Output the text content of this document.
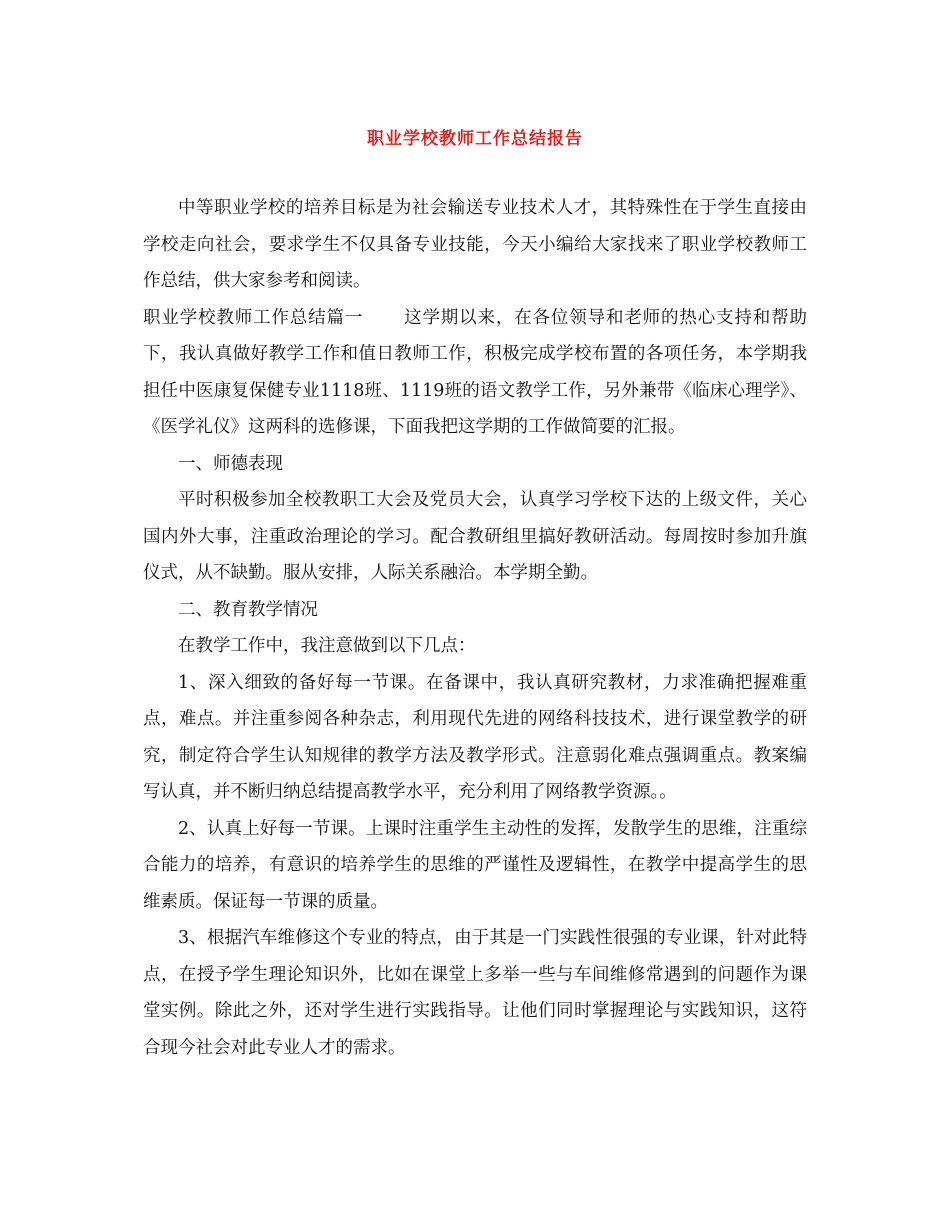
职业学校教师工作总结报告

中等职业学校的培养目标是为社会输送专业技术人才，其特殊性在于学生直接由学校走向社会，要求学生不仅具备专业技能，今天小编给大家找来了职业学校教师工作总结，供大家参考和阅读。

职业学校教师工作总结篇一 这学期以来，在各位领导和老师的热心支持和帮助下，我认真做好教学工作和值日教师工作，积极完成学校布置的各项任务，本学期我担任中医康复保健专业1118班、1119班的语文教学工作，另外兼带《临床心理学》、《医学礼仪》这两科的选修课，下面我把这学期的工作做简要的汇报。

一、师德表现

平时积极参加全校教职工大会及党员大会，认真学习学校下达的上级文件，关心国内外大事，注重政治理论的学习。配合教研组里搞好教研活动。每周按时参加升旗仪式，从不缺勤。服从安排，人际关系融洽。本学期全勤。

二、教育教学情况

在教学工作中，我注意做到以下几点：

1、深入细致的备好每一节课。在备课中，我认真研究教材，力求准确把握难重点，难点。并注重参阅各种杂志，利用现代先进的网络科技技术，进行课堂教学的研究，制定符合学生认知规律的教学方法及教学形式。注意弱化难点强调重点。教案编写认真，并不断归纳总结提高教学水平，充分利用了网络教学资源。。

2、认真上好每一节课。上课时注重学生主动性的发挥，发散学生的思维，注重综合能力的培养，有意识的培养学生的思维的严谨性及逻辑性，在教学中提高学生的思维素质。保证每一节课的质量。

3、根据汽车维修这个专业的特点，由于其是一门实践性很强的专业课，针对此特点，在授予学生理论知识外，比如在课堂上多举一些与车间维修常遇到的问题作为课堂实例。除此之外，还对学生进行实践指导。让他们同时掌握理论与实践知识，这符合现今社会对此专业人才的需求。
